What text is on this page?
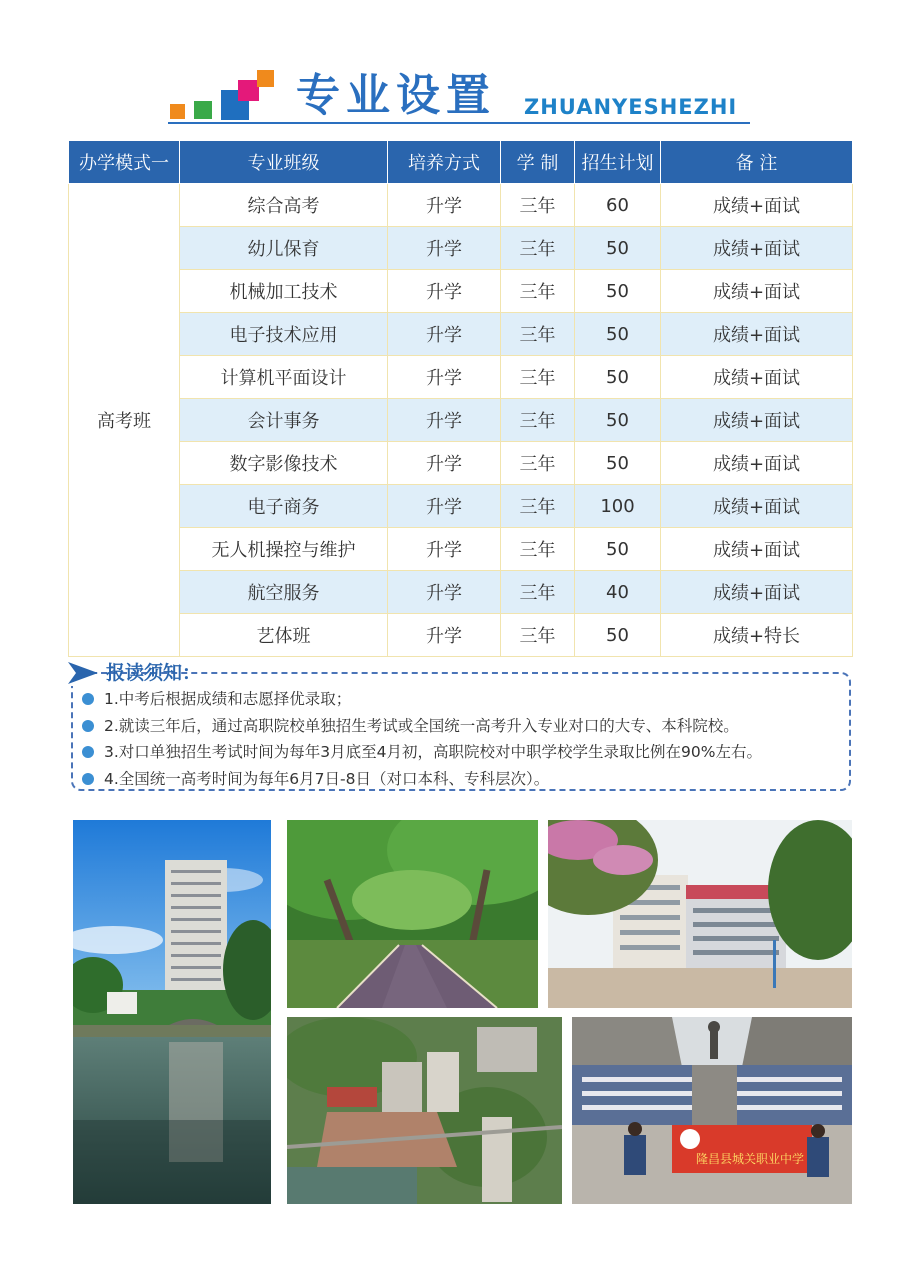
专业设置 ZHUANYESHEZHI
办学模式一	专业班级	培养方式	学 制	招生计划	备 注
高考班	综合高考	升学	三年	60	成绩+面试
	幼儿保育	升学	三年	50	成绩+面试
	机械加工技术	升学	三年	50	成绩+面试
	电子技术应用	升学	三年	50	成绩+面试
	计算机平面设计	升学	三年	50	成绩+面试
	会计事务	升学	三年	50	成绩+面试
	数字影像技术	升学	三年	50	成绩+面试
	电子商务	升学	三年	100	成绩+面试
	无人机操控与维护	升学	三年	50	成绩+面试
	航空服务	升学	三年	40	成绩+面试
	艺体班	升学	三年	50	成绩+特长
报读须知：
1.中考后根据成绩和志愿择优录取；
2.就读三年后，通过高职院校单独招生考试或全国统一高考升入专业对口的大专、本科院校。
3.对口单独招生考试时间为每年3月底至4月初，高职院校对中职学校学生录取比例在90%左右。
4.全国统一高考时间为每年6月7日-8日（对口本科、专科层次）。
隆昌县城关职业中学
